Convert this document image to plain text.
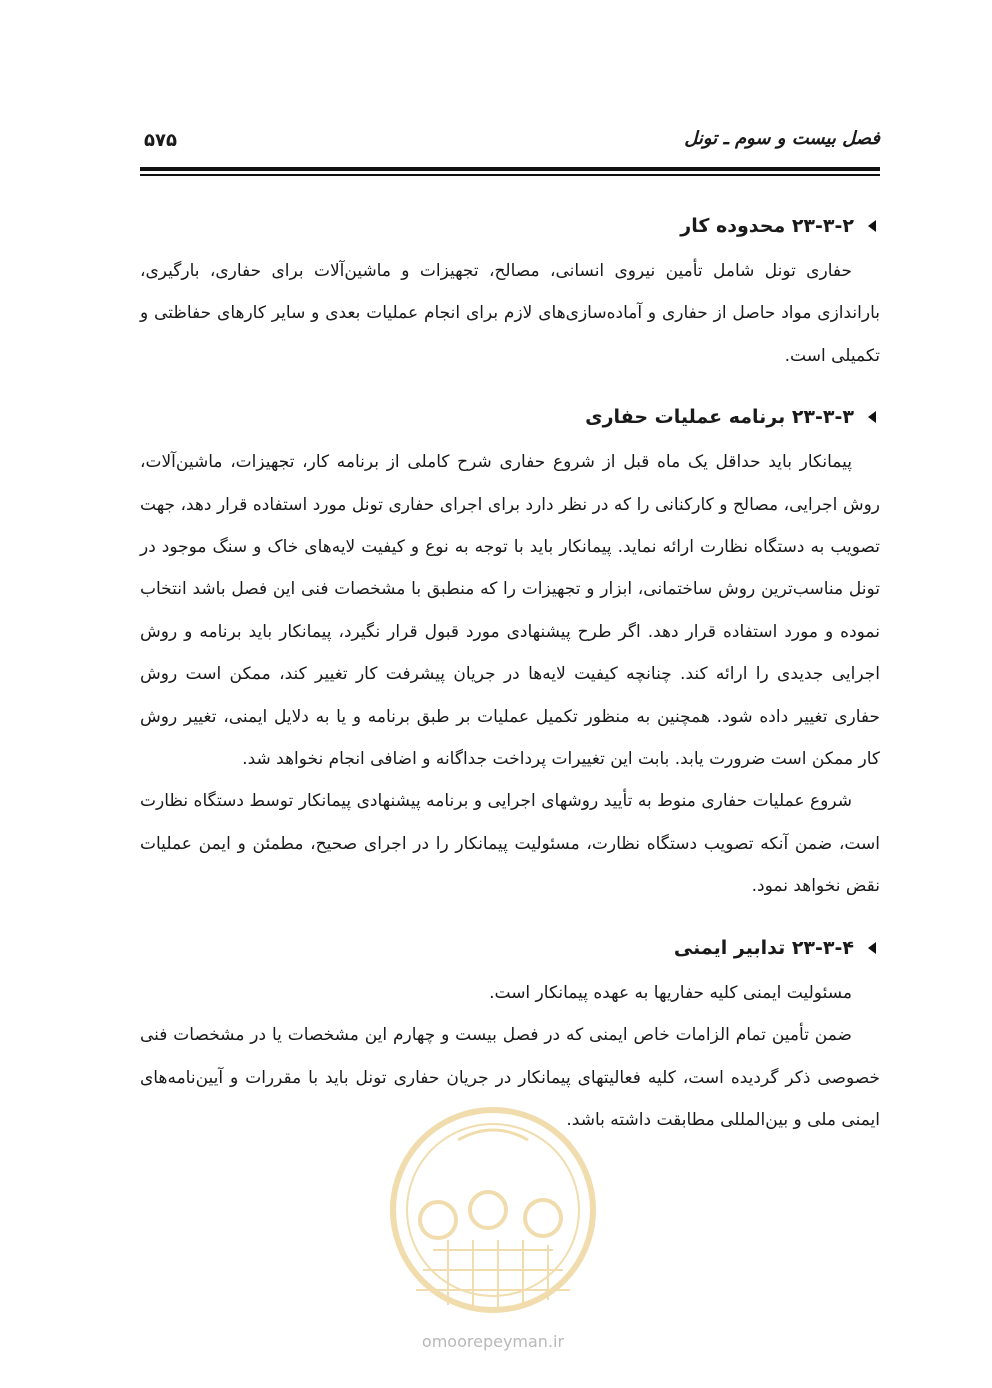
فصل بیست و سوم ـ تونل
۵۷۵
۲۳-۳-۲ محدوده کار

حفاری تونل شامل تأمین نیروی انسانی، مصالح، تجهیزات و ماشین‌آلات برای حفاری، بارگیری، باراندازی مواد حاصل از حفاری و آماده‌سازی‌های لازم برای انجام عملیات بعدی و سایر کارهای حفاظتی و تکمیلی است.

۲۳-۳-۳ برنامه عملیات حفاری

پیمانکار باید حداقل یک ماه قبل از شروع حفاری شرح کاملی از برنامه کار، تجهیزات، ماشین‌آلات، روش اجرایی، مصالح و کارکنانی را که در نظر دارد برای اجرای حفاری تونل مورد استفاده قرار دهد، جهت تصویب به دستگاه نظارت ارائه نماید. پیمانکار باید با توجه به نوع و کیفیت لایه‌های خاک و سنگ موجود در تونل مناسب‌ترین روش ساختمانی، ابزار و تجهیزات را که منطبق با مشخصات فنی این فصل باشد انتخاب نموده و مورد استفاده قرار دهد. اگر طرح پیشنهادی مورد قبول قرار نگیرد، پیمانکار باید برنامه و روش اجرایی جدیدی را ارائه کند. چنانچه کیفیت لایه‌ها در جریان پیشرفت کار تغییر کند، ممکن است روش حفاری تغییر داده شود. همچنین به منظور تکمیل عملیات بر طبق برنامه و یا به دلایل ایمنی، تغییر روش کار ممکن است ضرورت یابد. بابت این تغییرات پرداخت جداگانه و اضافی انجام نخواهد شد.

شروع عملیات حفاری منوط به تأیید روشهای اجرایی و برنامه پیشنهادی پیمانکار توسط دستگاه نظارت است، ضمن آنکه تصویب دستگاه نظارت، مسئولیت پیمانکار را در اجرای صحیح، مطمئن و ایمن عملیات نقض نخواهد نمود.

۲۳-۳-۴ تدابیر ایمنی

مسئولیت ایمنی کلیه حفاریها به عهده پیمانکار است.

ضمن تأمین تمام الزامات خاص ایمنی که در فصل بیست و چهارم این مشخصات یا در مشخصات فنی خصوصی ذکر گردیده است، کلیه فعالیتهای پیمانکار در جریان حفاری تونل باید با مقررات و آیین‌نامه‌های ایمنی ملی و بین‌المللی مطابقت داشته باشد.

omoorepeyman.ir
